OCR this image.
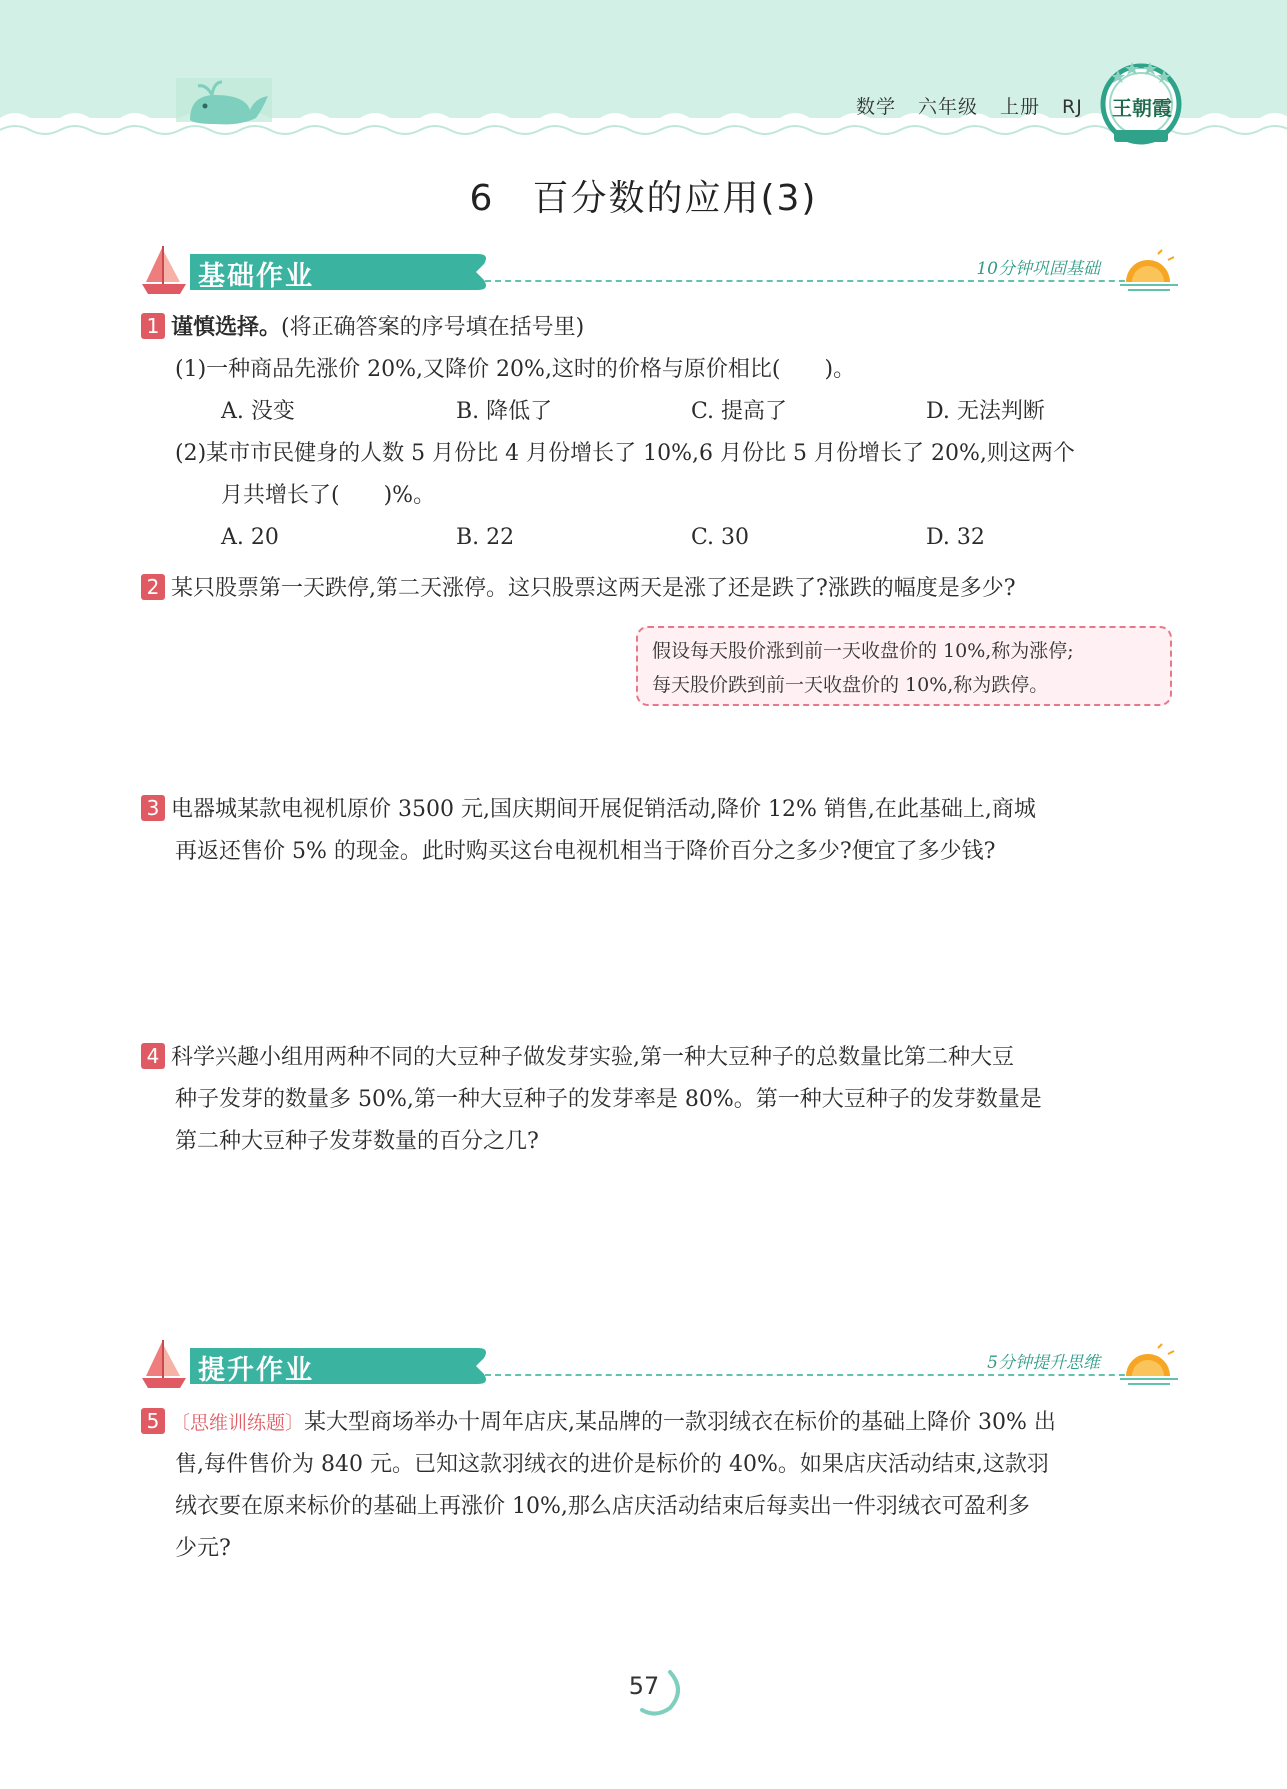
数学 六年级 上册 RJ	王朝霞
6　百分数的应用(3)
基础作业	10分钟巩固基础
1 谨慎选择。(将正确答案的序号填在括号里)
(1)一种商品先涨价 20%,又降价 20%,这时的价格与原价相比(　　)。
A. 没变	B. 降低了	C. 提高了	D. 无法判断
(2)某市市民健身的人数 5 月份比 4 月份增长了 10%,6 月份比 5 月份增长了 20%,则这两个
月共增长了(　　)%。
A. 20	B. 22	C. 30	D. 32
2 某只股票第一天跌停,第二天涨停。这只股票这两天是涨了还是跌了?涨跌的幅度是多少?
假设每天股价涨到前一天收盘价的 10%,称为涨停;
每天股价跌到前一天收盘价的 10%,称为跌停。
3 电器城某款电视机原价 3500 元,国庆期间开展促销活动,降价 12% 销售,在此基础上,商城
再返还售价 5% 的现金。此时购买这台电视机相当于降价百分之多少?便宜了多少钱?
4 科学兴趣小组用两种不同的大豆种子做发芽实验,第一种大豆种子的总数量比第二种大豆
种子发芽的数量多 50%,第一种大豆种子的发芽率是 80%。第一种大豆种子的发芽数量是
第二种大豆种子发芽数量的百分之几?
提升作业	5分钟提升思维
5 〔思维训练题〕某大型商场举办十周年店庆,某品牌的一款羽绒衣在标价的基础上降价 30% 出
售,每件售价为 840 元。已知这款羽绒衣的进价是标价的 40%。如果店庆活动结束,这款羽
绒衣要在原来标价的基础上再涨价 10%,那么店庆活动结束后每卖出一件羽绒衣可盈利多
少元?
57
